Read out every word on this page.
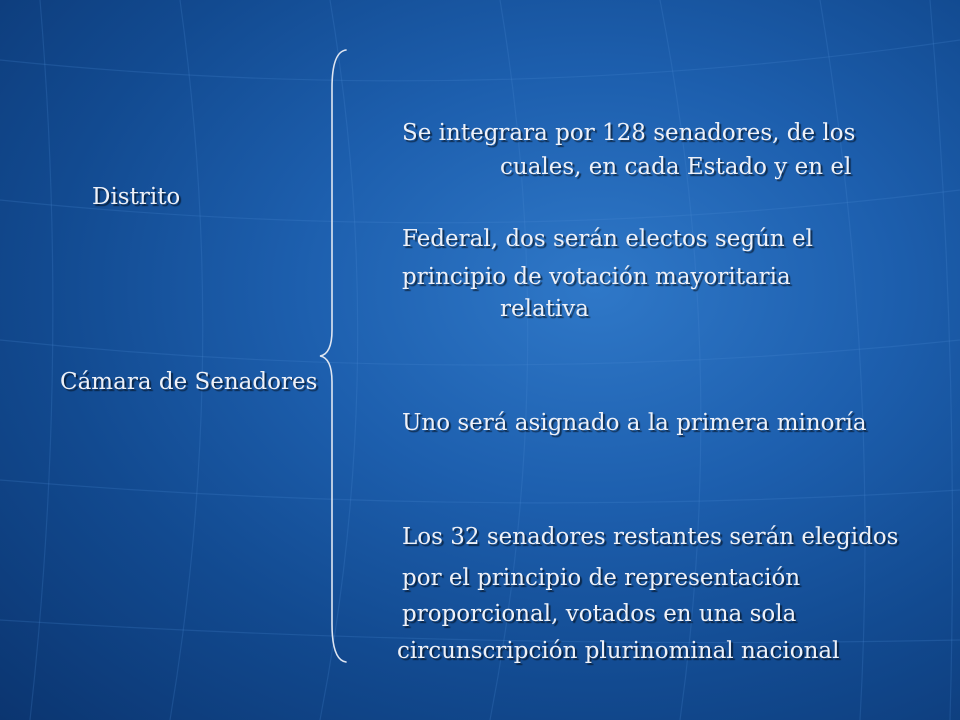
Distrito

Cámara de Senadores

Se integrara por 128 senadores, de los

cuales, en cada Estado y en el

Federal, dos serán electos según el

principio de votación mayoritaria

relativa

Uno será asignado a la primera minoría

Los 32 senadores restantes serán elegidos

por el principio de representación

proporcional, votados en una sola

circunscripción plurinominal nacional
